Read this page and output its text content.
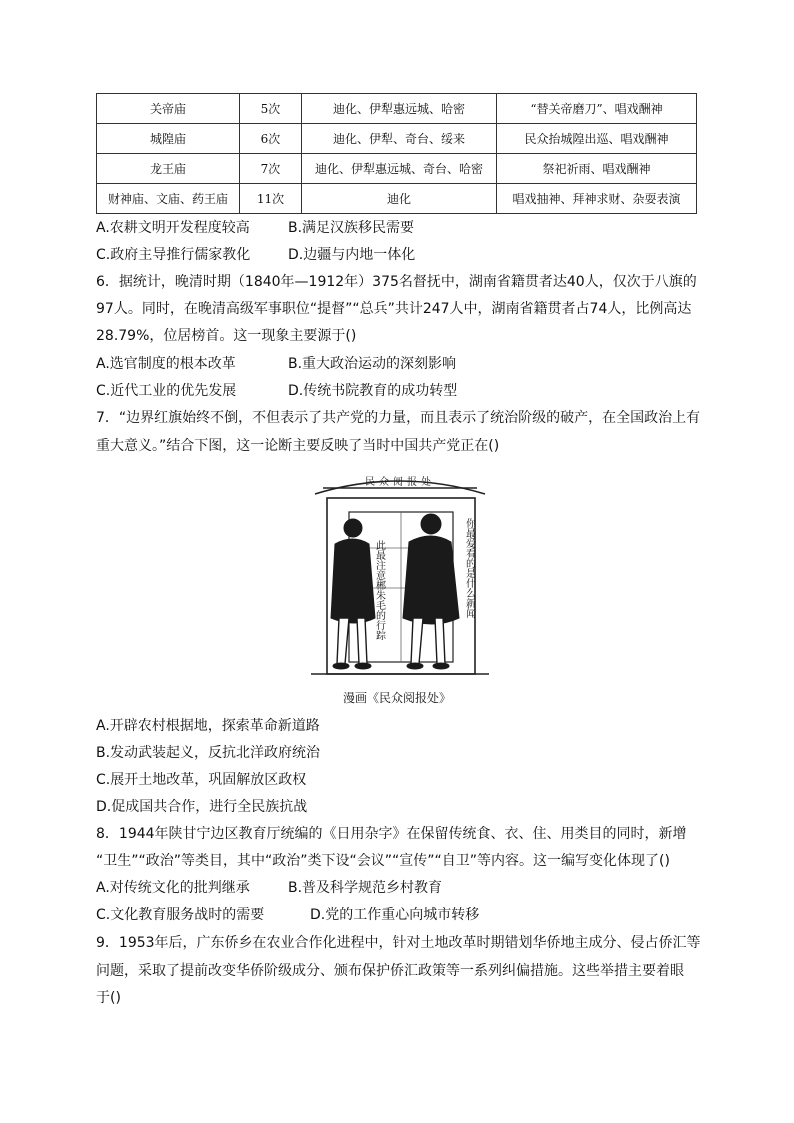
关帝庙	5次	迪化、伊犁惠远城、哈密	“替关帝磨刀”、唱戏酬神
城隍庙	6次	迪化、伊犁、奇台、绥来	民众抬城隍出巡、唱戏酬神
龙王庙	7次	迪化、伊犁惠远城、奇台、哈密	祭祀祈雨、唱戏酬神
财神庙、文庙、药王庙	11次	迪化	唱戏抽神、拜神求财、杂耍表演
A.农耕文明开发程度较高	B.满足汉族移民需要
C.政府主导推行儒家教化	D.边疆与内地一体化
6．据统计，晚清时期（1840年—1912年）375名督抚中，湖南省籍贯者达40人，仅次于八旗的
97人。同时，在晚清高级军事职位“提督”“总兵”共计247人中，湖南省籍贯者占74人，比例高达
28.79%，位居榜首。这一现象主要源于()
A.选官制度的根本改革	B.重大政治运动的深刻影响
C.近代工业的优先发展	D.传统书院教育的成功转型
7．“边界红旗始终不倒，不但表示了共产党的力量，而且表示了统治阶级的破产，在全国政治上有
重大意义。”结合下图，这一论断主要反映了当时中国共产党正在()
民众阅报处
此最注意郴朱毛的行踪	你最爱看的是什么新闻
漫画《民众阅报处》
A.开辟农村根据地，探索革命新道路
B.发动武装起义，反抗北洋政府统治
C.展开土地改革，巩固解放区政权
D.促成国共合作，进行全民族抗战
8．1944年陕甘宁边区教育厅统编的《日用杂字》在保留传统食、衣、住、用类目的同时，新增
“卫生”“政治”等类目，其中“政治”类下设“会议”“宣传”“自卫”等内容。这一编写变化体现了()
A.对传统文化的批判继承	B.普及科学规范乡村教育
C.文化教育服务战时的需要	D.党的工作重心向城市转移
9．1953年后，广东侨乡在农业合作化进程中，针对土地改革时期错划华侨地主成分、侵占侨汇等
问题，采取了提前改变华侨阶级成分、颁布保护侨汇政策等一系列纠偏措施。这些举措主要着眼
于()
